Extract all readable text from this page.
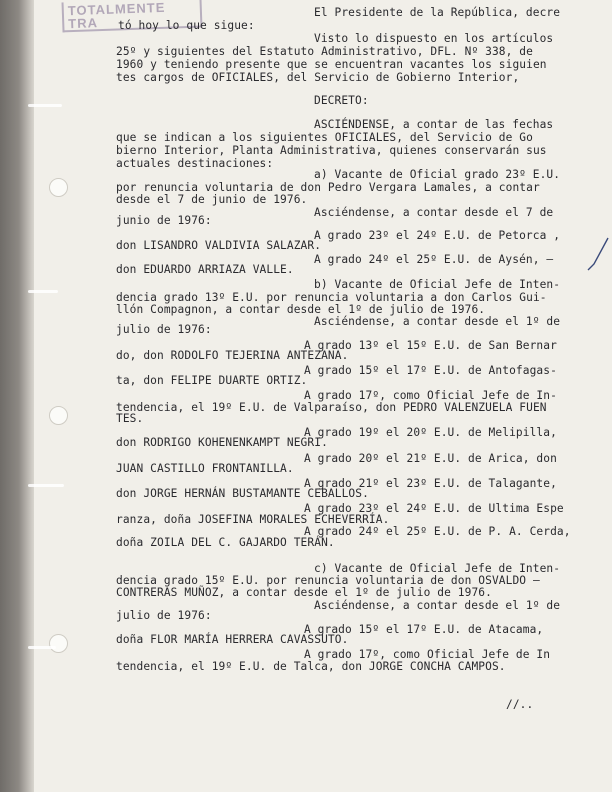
TOTALMENTE
TRA
El Presidente de la República, decre
tó hoy lo que sigue:
Visto lo dispuesto en los artículos
25º y siguientes del Estatuto Administrativo, DFL. Nº 338, de
1960 y teniendo presente que se encuentran vacantes los siguien
tes cargos de OFICIALES, del Servicio de Gobierno Interior,
DECRETO:
ASCIÉNDENSE, a contar de las fechas
que se indican a los siguientes OFICIALES, del Servicio de Go
bierno Interior, Planta Administrativa, quienes conservarán sus
actuales destinaciones:
a) Vacante de Oficial grado 23º E.U.
por renuncia voluntaria de don Pedro Vergara Lamales, a contar
desde el 7 de junio de 1976.
Asciéndense, a contar desde el 7 de
junio de 1976:
A grado 23º el 24º E.U. de Petorca ,
don LISANDRO VALDIVIA SALAZAR.
A grado 24º el 25º E.U. de Aysén, —
don EDUARDO ARRIAZA VALLE.
b) Vacante de Oficial Jefe de Inten-
dencia grado 13º E.U. por renuncia voluntaria a don Carlos Gui-
llón Compagnon, a contar desde el 1º de julio de 1976.
Asciéndense, a contar desde el 1º de
julio de 1976:
A grado 13º el 15º E.U. de San Bernar
do, don RODOLFO TEJERINA ANTEZANA.
A grado 15º el 17º E.U. de Antofagas-
ta, don FELIPE DUARTE ORTIZ.
A grado 17º, como Oficial Jefe de In-
tendencia, el 19º E.U. de Valparaíso, don PEDRO VALENZUELA FUEN
TES.
A grado 19º el 20º E.U. de Melipilla,
don RODRIGO KOHENENKAMPT NEGRI.
A grado 20º el 21º E.U. de Arica, don
JUAN CASTILLO FRONTANILLA.
A grado 21º el 23º E.U. de Talagante,
don JORGE HERNÁN BUSTAMANTE CEBALLOS.
A grado 23º el 24º E.U. de Ultima Espe
ranza, doña JOSEFINA MORALES ECHEVERRÍA.
A grado 24º el 25º E.U. de P. A. Cerda,
doña ZOILA DEL C. GAJARDO TERÁN.
c) Vacante de Oficial Jefe de Inten-
dencia grado 15º E.U. por renuncia voluntaria de don OSVALDO —
CONTRERAS MUÑOZ, a contar desde el 1º de julio de 1976.
Asciéndense, a contar desde el 1º de
julio de 1976:
A grado 15º el 17º E.U. de Atacama,
doña FLOR MARÍA HERRERA CAVASSUTO.
A grado 17º, como Oficial Jefe de In
tendencia, el 19º E.U. de Talca, don JORGE CONCHA CAMPOS.
//..
